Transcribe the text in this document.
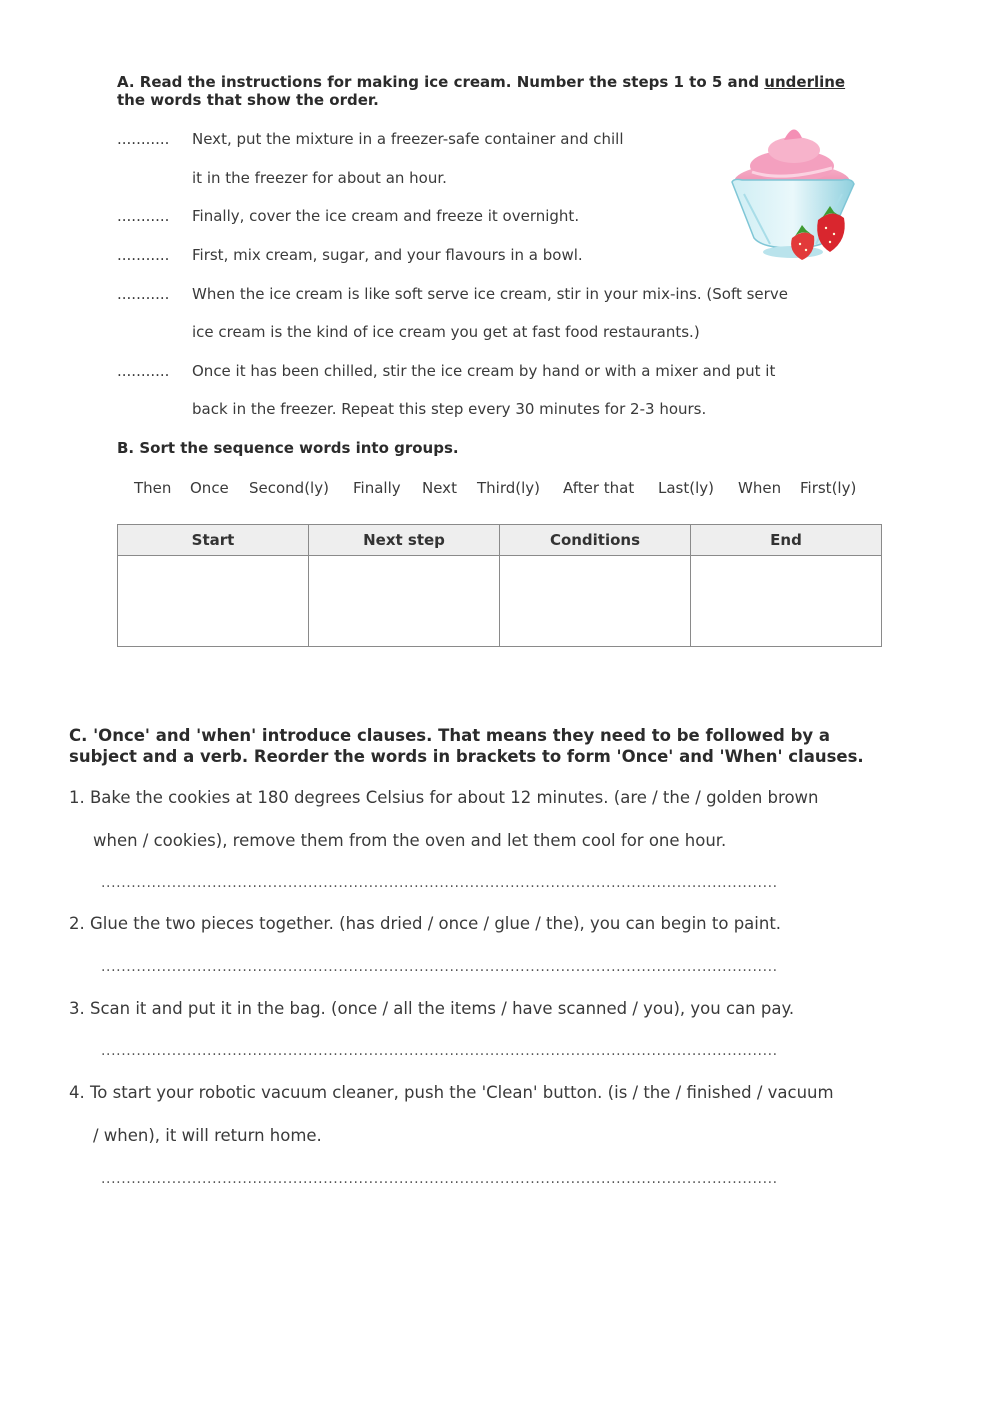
A. Read the instructions for making ice cream. Number the steps 1 to 5 and underline
the words that show the order.
........... Next, put the mixture in a freezer-safe container and chill
it in the freezer for about an hour.
........... Finally, cover the ice cream and freeze it overnight.
........... First, mix cream, sugar, and your flavours in a bowl.
........... When the ice cream is like soft serve ice cream, stir in your mix-ins. (Soft serve
ice cream is the kind of ice cream you get at fast food restaurants.)
........... Once it has been chilled, stir the ice cream by hand or with a mixer and put it
back in the freezer. Repeat this step every 30 minutes for 2-3 hours.
B. Sort the sequence words into groups.
Then Once Second(ly) Finally Next Third(ly) After that Last(ly) When First(ly)
Start	Next step	Conditions	End

C. 'Once' and 'when' introduce clauses. That means they need to be followed by a
subject and a verb. Reorder the words in brackets to form 'Once' and 'When' clauses.
1. Bake the cookies at 180 degrees Celsius for about 12 minutes. (are / the / golden brown
when / cookies), remove them from the oven and let them cool for one hour.
......................................................................................................................................
2. Glue the two pieces together. (has dried / once / glue / the), you can begin to paint.
......................................................................................................................................
3. Scan it and put it in the bag. (once / all the items / have scanned / you), you can pay.
......................................................................................................................................
4. To start your robotic vacuum cleaner, push the 'Clean' button. (is / the / finished / vacuum
/ when), it will return home.
......................................................................................................................................
